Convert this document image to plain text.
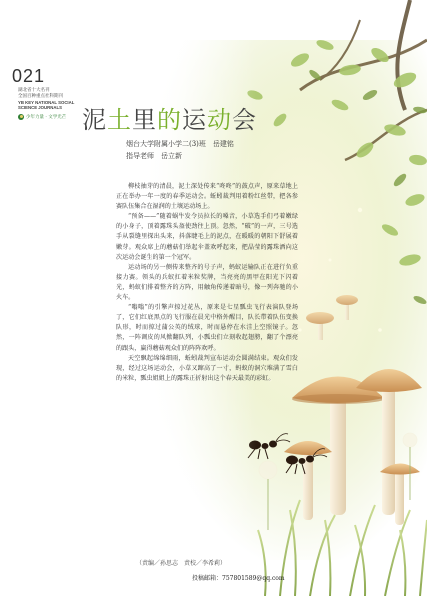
021
湖北省十大名刊
全国百种重点社科期刊
YB KEY NATIONAL SOCIAL
SCIENCE JOURNALS
少年力量 · 文学光芒 泥土里的运动会
烟台大学附属小学二(3)班　岳建铭
指导老师　岳立新

柳枝抽芽的清晨，泥土深处传来“咚咚”的鼓点声，原来草地上正在举办一年一度的春季运动会。蚯蚓裁判用着粉红丝带，把各参赛队伍集合在湿润的土壤运动场上。

“预备——”随着蜗牛发令员拉长的嗓音，小草选手们弓着嫩绿的小身子，顶着露珠头盔使劲往上顶。忽然，“破”的一声，三号选手从裂缝里探出头来，抖落睫毛上的泥点，在暖暖的朝阳下舒展着嫩芽。观众席上的蘑菇们举起伞盖欢呼起来，把晶莹的露珠洒向这次运动会诞生的第一个冠军。

运动场的另一侧传来整齐的号子声，蚂蚁运输队正在进行负重接力赛。领头的兵蚁扛着米粒奖牌，当亮亮的黑甲在阳光下闪着光，蚂蚁们排着整齐的方阵，用触角传递着暗号，像一列奔驰的小火车。

“嗡嗡”的引擎声掠过花丛，原来是七星瓢虫飞行表演队登场了，它们红底黑点的飞行服在晨光中格外醒目，队长带着队伍变换队形，时而掠过蒲公英的绒球，时而悬停在水洼上空照镜子。忽然，一阵调皮的风掀翻队列，小瓢虫们立刻收起翅膀，翻了个漂亮的跟头，赢得蘑菇观众们的阵阵欢呼。

天空飘起绵绵细雨，蚯蚓裁判宣布运动会圆满结束。观众们发现，经过这场运动会，小草又蹿高了一寸，蚂蚁的洞穴堆满了雪白的米粒，瓢虫姐姐上的露珠正折射出这个春天最美的彩虹。

（责编／孙思志　责校／李希莉）
投稿邮箱：757801589@qq.com
